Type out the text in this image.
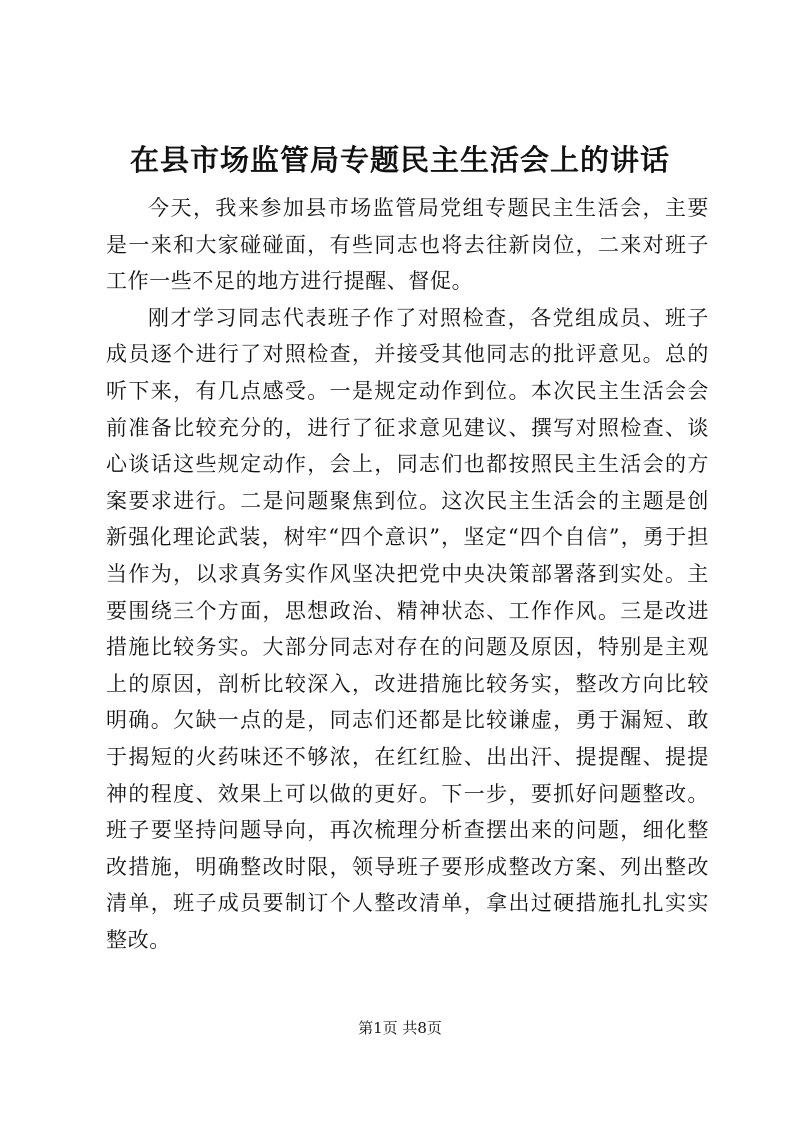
在县市场监管局专题民主生活会上的讲话

今天，我来参加县市场监管局党组专题民主生活会，主要是一来和大家碰碰面，有些同志也将去往新岗位，二来对班子工作一些不足的地方进行提醒、督促。

刚才学习同志代表班子作了对照检查，各党组成员、班子成员逐个进行了对照检查，并接受其他同志的批评意见。总的听下来，有几点感受。一是规定动作到位。本次民主生活会会前准备比较充分的，进行了征求意见建议、撰写对照检查、谈心谈话这些规定动作，会上，同志们也都按照民主生活会的方案要求进行。二是问题聚焦到位。这次民主生活会的主题是创新强化理论武装，树牢“四个意识”，坚定“四个自信”，勇于担当作为，以求真务实作风坚决把党中央决策部署落到实处。主要围绕三个方面，思想政治、精神状态、工作作风。三是改进措施比较务实。大部分同志对存在的问题及原因，特别是主观上的原因，剖析比较深入，改进措施比较务实，整改方向比较明确。欠缺一点的是，同志们还都是比较谦虚，勇于漏短、敢于揭短的火药味还不够浓，在红红脸、出出汗、提提醒、提提神的程度、效果上可以做的更好。下一步，要抓好问题整改。班子要坚持问题导向，再次梳理分析查摆出来的问题，细化整改措施，明确整改时限，领导班子要形成整改方案、列出整改清单，班子成员要制订个人整改清单，拿出过硬措施扎扎实实整改。

第1页 共8页
